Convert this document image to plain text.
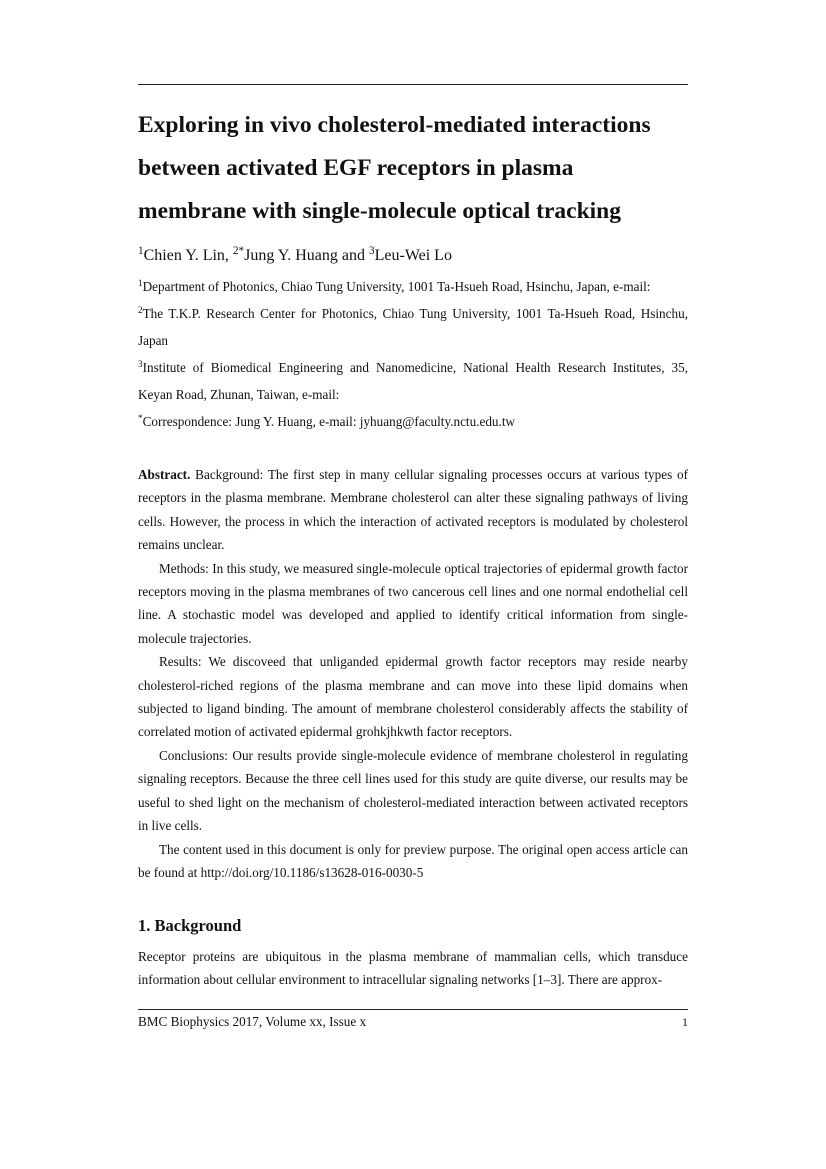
Exploring in vivo cholesterol-mediated interactions
between activated EGF receptors in plasma
membrane with single-molecule optical tracking
$^1$Chien Y. Lin, $^{2*}$Jung Y. Huang and $^3$Leu-Wei Lo
$^1$Department of Photonics, Chiao Tung University, 1001 Ta-Hsueh Road, Hsinchu, Japan, e-mail:
$^2$The T.K.P. Research Center for Photonics, Chiao Tung University, 1001 Ta-Hsueh Road, Hsinchu, Japan
$^3$Institute of Biomedical Engineering and Nanomedicine, National Health Research Institutes, 35, Keyan Road, Zhunan, Taiwan, e-mail:
*Correspondence: Jung Y. Huang, e-mail: jyhuang@faculty.nctu.edu.tw

Abstract. Background: The first step in many cellular signaling processes occurs at various types of receptors in the plasma membrane. Membrane cholesterol can alter these signaling pathways of living cells. However, the process in which the interaction of activated receptors is modulated by cholesterol remains unclear.

Methods: In this study, we measured single-molecule optical trajectories of epidermal growth factor receptors moving in the plasma membranes of two cancerous cell lines and one normal endothelial cell line. A stochastic model was developed and applied to identify critical information from single-molecule trajectories.

Results: We discoveed that unliganded epidermal growth factor receptors may reside nearby cholesterol-riched regions of the plasma membrane and can move into these lipid domains when subjected to ligand binding. The amount of membrane cholesterol considerably affects the stability of correlated motion of activated epidermal grohkjhkwth factor receptors.

Conclusions: Our results provide single-molecule evidence of membrane cholesterol in regulating signaling receptors. Because the three cell lines used for this study are quite diverse, our results may be useful to shed light on the mechanism of cholesterol-mediated interaction between activated receptors in live cells.

The content used in this document is only for preview purpose. The original open access article can be found at http://doi.org/10.1186/s13628-016-0030-5

1. Background

Receptor proteins are ubiquitous in the plasma membrane of mammalian cells, which transduce information about cellular environment to intracellular signaling networks [1–3]. There are approx-

BMC Biophysics 2017, Volume xx, Issue x	1
